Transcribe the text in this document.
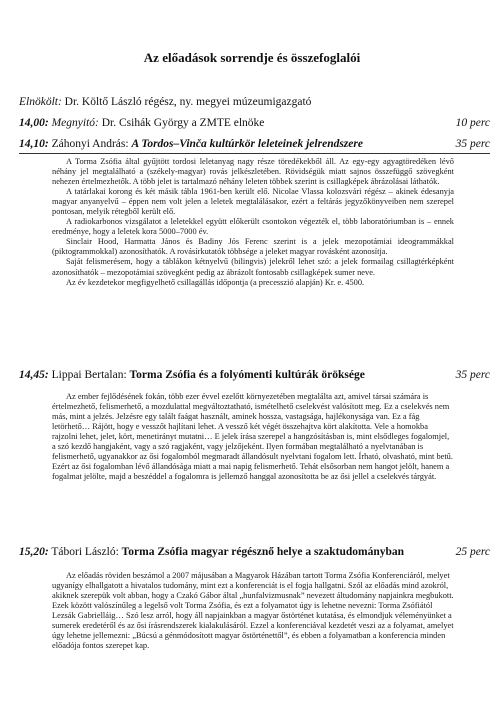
Az előadások sorrendje és összefoglalói
Elnökölt: Dr. Költő László régész, ny. megyei múzeumigazgató
14,00: Megnyitó: Dr. Csihák György a ZMTE elnöke	10 perc
14,10: Záhonyi András: A Tordos–Vinča kultúrkör leleteinek jelrendszere	35 perc

A Torma Zsófia által gyűjtött tordosi leletanyag nagy része töredékekből áll. Az egy-egy agyagtöredéken lévő néhány jel megtalálható a (székely-magyar) rovás jelkészletében. Rövidségük miatt sajnos összefüggő szövegként nehezen értelmezhetők. A több jelet is tartalmazó néhány leleten többek szerint is csillagképek ábrázolásai láthatók.

A tatárlakai korong és két másik tábla 1961-ben került elő. Nicolae Vlassa kolozsvári régész – akinek édesanyja magyar anyanyelvű – éppen nem volt jelen a leletek megtalálásakor, ezért a feltárás jegyzőkönyveiben nem szerepel pontosan, melyik rétegből került elő.

A radiokarbonos vizsgálatot a leletekkel együtt előkerült csontokon végezték el, több laboratóriumban is – ennek eredménye, hogy a leletek kora 5000–7000 év.

Sinclair Hood, Harmatta János és Badiny Jós Ferenc szerint is a jelek mezopotámiai ideogrammákkal (piktogrammokkal) azonosíthatók. A rovásírkutatók többsége a jeleket magyar rovásként azonosítja.

Saját felismerésem, hogy a táblákon kétnyelvű (bilingvis) jelekről lehet szó: a jelek formailag csillagtérképként azonosíthatók – mezopotámiai szövegként pedig az ábrázolt fontosabb csillagképek sumer neve.

Az év kezdetekor megfigyelhető csillagállás időpontja (a precesszió alapján) Kr. e. 4500.

14,45: Lippai Bertalan: Torma Zsófia és a folyómenti kultúrák öröksége	35 perc

Az ember fejlődésének fokán, több ezer évvel ezelőtt környezetében megtalálta azt, amivel társai számára is értelmezhető, felismerhető, a mozdulattal megváltoztatható, ismételhető cselekvést valósított meg. Ez a cselekvés nem más, mint a jelzés. Jelzésre egy talált faágat használt, aminek hossza, vastagsága, hajlékonysága van. Ez a fág letörhető… Rájött, hogy e vesszőt hajlítani lehet. A vessző két végét összehajtva kört alakította. Vele a homokba rajzolni lehet, jelet, kört, menetirányt mutatni… E jelek írása szerepel a hangzósításban is, mint elsődleges fogalomjel, a szó kezdő hangjaként, vagy a szó ragjaként, vagy jelzőjeként. Ilyen formában megtalálható a nyelvtanában is felismerhető, ugyanakkor az ősi fogalomból megmaradt állandósult nyelvtani fogalom lett. Írható, olvasható, mint betű. Ezért az ősi fogalomban lévő állandósága miatt a mai napig felismerhető. Tehát elsősorban nem hangot jelölt, hanem a fogalmat jelölte, majd a beszéddel a fogalomra is jellemző hanggal azonosította be az ősi jellel a cselekvés tárgyát.

15,20: Tábori László: Torma Zsófia magyar régésznő helye a szaktudományban	25 perc

Az előadás röviden beszámol a 2007 májusában a Magyarok Házában tartott Torma Zsófia Konferenciáról, melyet ugyanígy elhallgatott a hivatalos tudomány, mint ezt a konferenciát is el fogja hallgatni. Szól az előadás mind azokról, akiknek szerepük volt abban, hogy a Czakó Gábor által „hunfalvizmusnak” nevezett áltudomány napjainkra megbukott. Ezek között valószínűleg a legelső volt Torma Zsófia, és ezt a folyamatot úgy is lehetne nevezni: Torma Zsófiától Lezsák Gabrielláig… Szó lesz arról, hogy áll napjainkban a magyar őstörténet kutatása, és elmondjuk véleményünket a sumerek eredetéről és az ősi írásrendszerek kialakulásáról. Ezzel a konferenciával kezdetét veszi az a folyamat, amelyet úgy lehetne jellemezni: „Búcsú a génmódosított magyar őstörténettől”, és ebben a folyamatban a konferencia minden előadója fontos szerepet kap.
